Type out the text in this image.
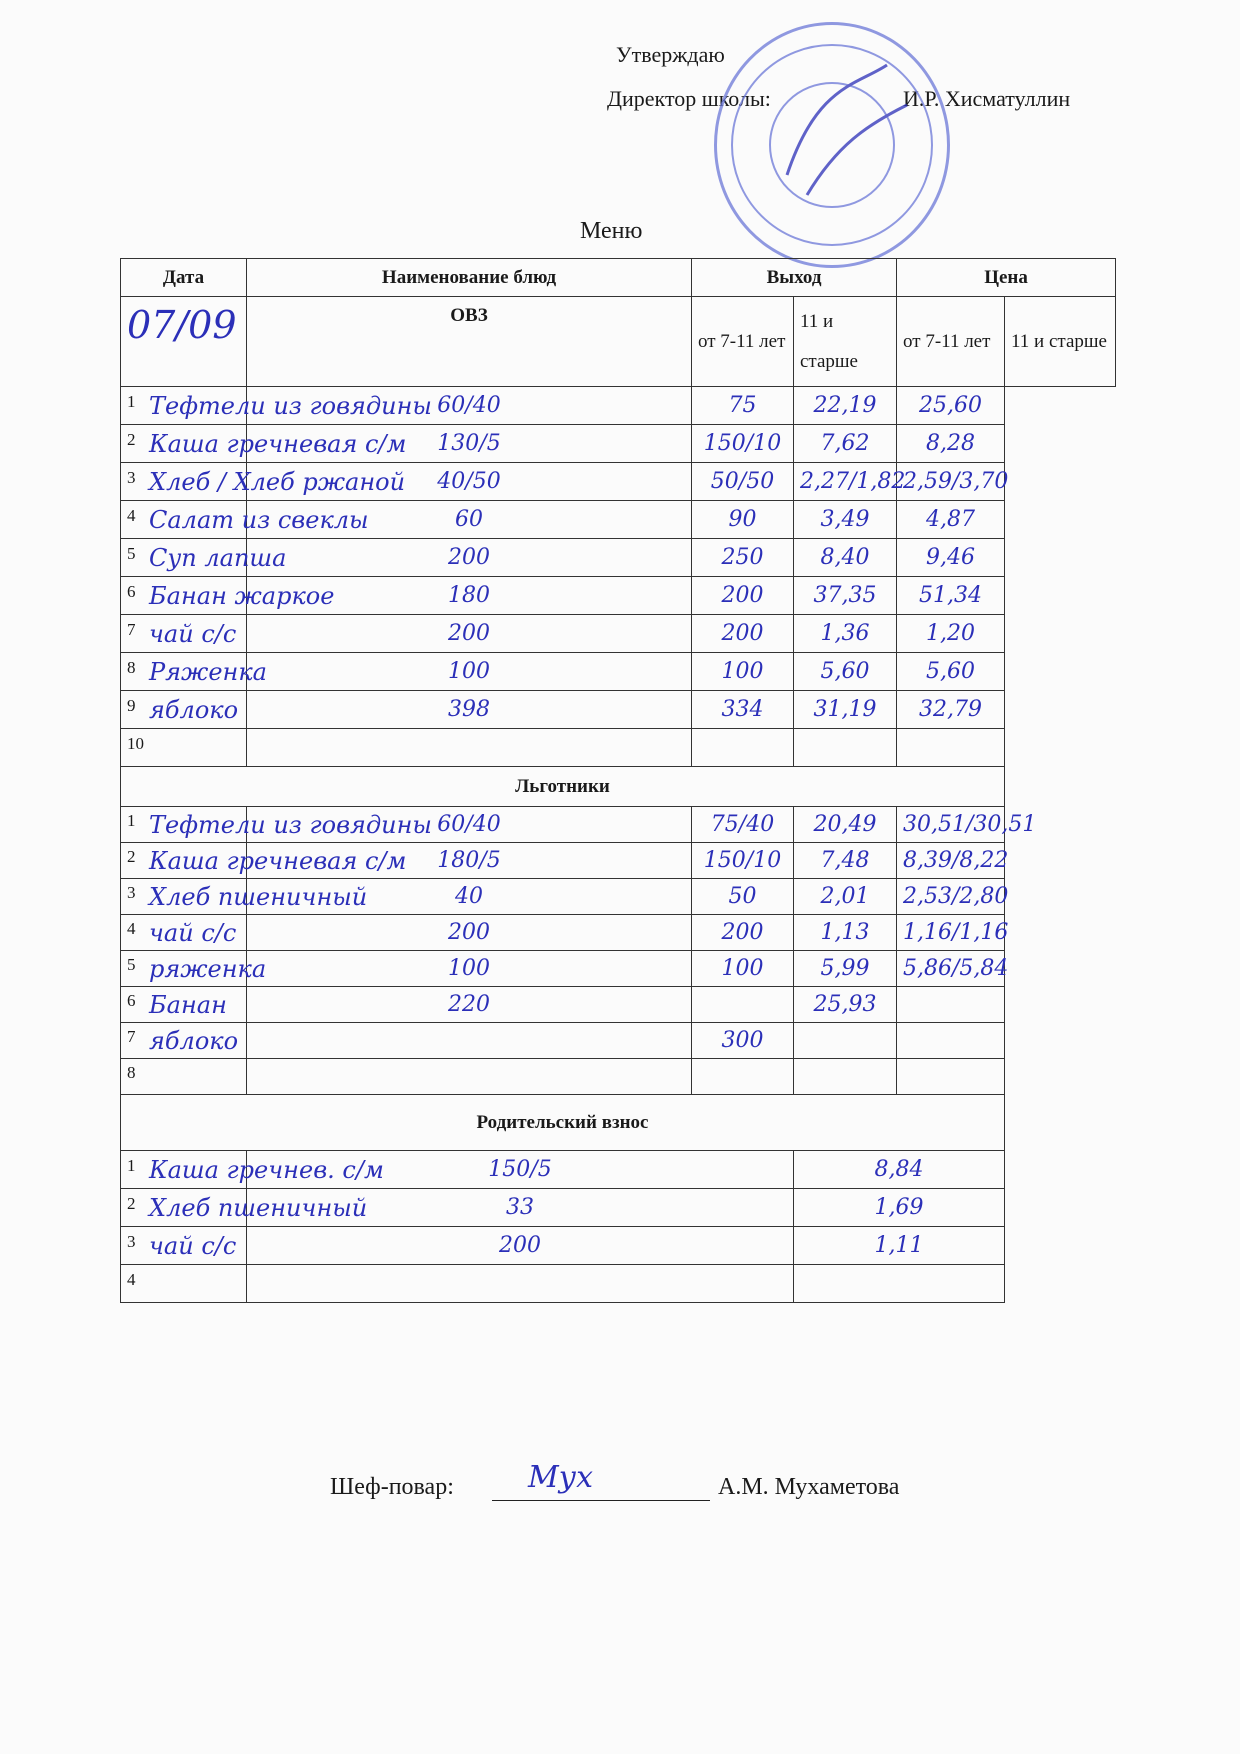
Утверждаю
Директор школы:	И.Р. Хисматуллин
Меню
Дата	Наименование блюд	Выход		Цена	
07/09	ОВЗ	от 7-11 лет	11 и старше	от 7-11 лет	11 и старше
1 Тефтели из говядины	60/40	75	22,19	25,60	
2 Каша гречневая с/м	130/5	150/10	7,62	8,28	
3 Хлеб / Хлеб ржаной	40/50	50/50	2,27/1,82	2,59/3,70	
4 Салат из свеклы	60	90	3,49	4,87	
5 Суп лапша	200	250	8,40	9,46	
6 Банан жаркое	180	200	37,35	51,34	
7 чай с/с	200	200	1,36	1,20	
8 Ряженка	100	100	5,60	5,60	
9 яблоко	398	334	31,19	32,79	
10					
Льготники					
1 Тефтели из говядины	60/40	75/40	20,49	30,51/30,51	
2 Каша гречневая с/м	180/5	150/10	7,48	8,39/8,22	
3 Хлеб пшеничный	40	50	2,01	2,53/2,80	
4 чай с/с	200	200	1,13	1,16/1,16	
5 ряженка	100	100	5,99	5,86/5,84	
6 Банан	220		25,93		
7 яблоко		300			
8					
Родительский взнос					
1 Каша гречнев. с/м	150/5		8,84		
2 Хлеб пшеничный	33		1,69		
3 чай с/с	200		1,11		
4					
Шеф-повар: Мух	А.М. Мухаметова
